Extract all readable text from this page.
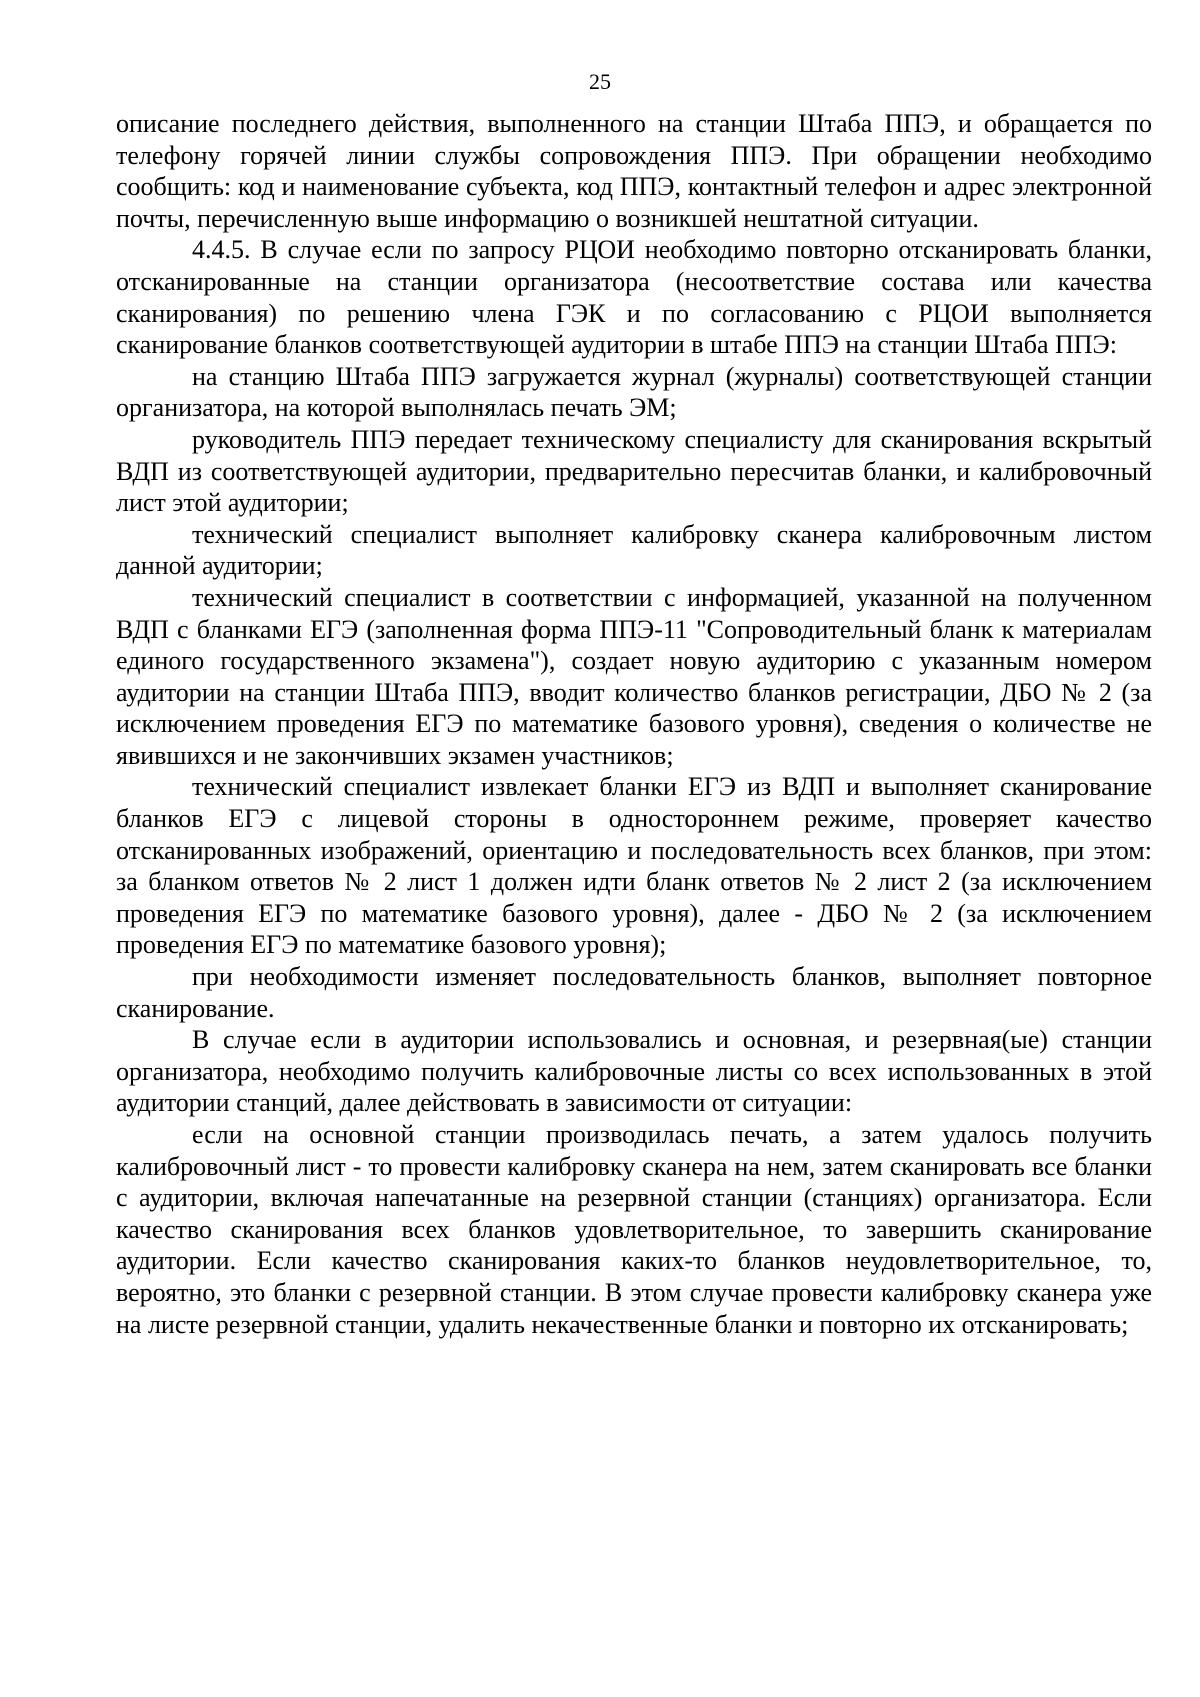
25

описание последнего действия, выполненного на станции Штаба ППЭ, и обращается по телефону горячей линии службы сопровождения ППЭ. При обращении необходимо сообщить: код и наименование субъекта, код ППЭ, контактный телефон и адрес электронной почты, перечисленную выше информацию о возникшей нештатной ситуации.

4.4.5. В случае если по запросу РЦОИ необходимо повторно отсканировать бланки, отсканированные на станции организатора (несоответствие состава или качества сканирования) по решению члена ГЭК и по согласованию с РЦОИ выполняется сканирование бланков соответствующей аудитории в штабе ППЭ на станции Штаба ППЭ:

на станцию Штаба ППЭ загружается журнал (журналы) соответствующей станции организатора, на которой выполнялась печать ЭМ;

руководитель ППЭ передает техническому специалисту для сканирования вскрытый ВДП из соответствующей аудитории, предварительно пересчитав бланки, и калибровочный лист этой аудитории;

технический специалист выполняет калибровку сканера калибровочным листом данной аудитории;

технический специалист в соответствии с информацией, указанной на полученном ВДП с бланками ЕГЭ (заполненная форма ППЭ-11 "Сопроводительный бланк к материалам единого государственного экзамена"), создает новую аудиторию с указанным номером аудитории на станции Штаба ППЭ, вводит количество бланков регистрации, ДБО № 2 (за исключением проведения ЕГЭ по математике базового уровня), сведения о количестве не явившихся и не закончивших экзамен участников;

технический специалист извлекает бланки ЕГЭ из ВДП и выполняет сканирование бланков ЕГЭ с лицевой стороны в одностороннем режиме, проверяет качество отсканированных изображений, ориентацию и последовательность всех бланков, при этом: за бланком ответов № 2 лист 1 должен идти бланк ответов № 2 лист 2 (за исключением проведения ЕГЭ по математике базового уровня), далее - ДБО № 2 (за исключением проведения ЕГЭ по математике базового уровня);

при необходимости изменяет последовательность бланков, выполняет повторное сканирование.

В случае если в аудитории использовались и основная, и резервная(ые) станции организатора, необходимо получить калибровочные листы со всех использованных в этой аудитории станций, далее действовать в зависимости от ситуации:

если на основной станции производилась печать, а затем удалось получить калибровочный лист - то провести калибровку сканера на нем, затем сканировать все бланки с аудитории, включая напечатанные на резервной станции (станциях) организатора. Если качество сканирования всех бланков удовлетворительное, то завершить сканирование аудитории. Если качество сканирования каких-то бланков неудовлетворительное, то, вероятно, это бланки с резервной станции. В этом случае провести калибровку сканера уже на листе резервной станции, удалить некачественные бланки и повторно их отсканировать;
